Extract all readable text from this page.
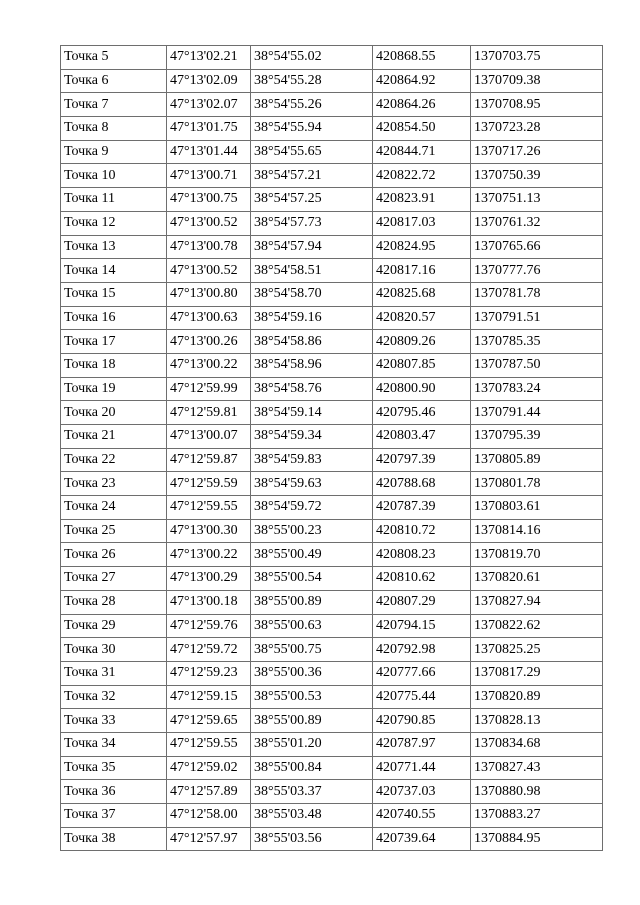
Точка 5	47°13'02.21	38°54'55.02	420868.55	1370703.75
Точка 6	47°13'02.09	38°54'55.28	420864.92	1370709.38
Точка 7	47°13'02.07	38°54'55.26	420864.26	1370708.95
Точка 8	47°13'01.75	38°54'55.94	420854.50	1370723.28
Точка 9	47°13'01.44	38°54'55.65	420844.71	1370717.26
Точка 10	47°13'00.71	38°54'57.21	420822.72	1370750.39
Точка 11	47°13'00.75	38°54'57.25	420823.91	1370751.13
Точка 12	47°13'00.52	38°54'57.73	420817.03	1370761.32
Точка 13	47°13'00.78	38°54'57.94	420824.95	1370765.66
Точка 14	47°13'00.52	38°54'58.51	420817.16	1370777.76
Точка 15	47°13'00.80	38°54'58.70	420825.68	1370781.78
Точка 16	47°13'00.63	38°54'59.16	420820.57	1370791.51
Точка 17	47°13'00.26	38°54'58.86	420809.26	1370785.35
Точка 18	47°13'00.22	38°54'58.96	420807.85	1370787.50
Точка 19	47°12'59.99	38°54'58.76	420800.90	1370783.24
Точка 20	47°12'59.81	38°54'59.14	420795.46	1370791.44
Точка 21	47°13'00.07	38°54'59.34	420803.47	1370795.39
Точка 22	47°12'59.87	38°54'59.83	420797.39	1370805.89
Точка 23	47°12'59.59	38°54'59.63	420788.68	1370801.78
Точка 24	47°12'59.55	38°54'59.72	420787.39	1370803.61
Точка 25	47°13'00.30	38°55'00.23	420810.72	1370814.16
Точка 26	47°13'00.22	38°55'00.49	420808.23	1370819.70
Точка 27	47°13'00.29	38°55'00.54	420810.62	1370820.61
Точка 28	47°13'00.18	38°55'00.89	420807.29	1370827.94
Точка 29	47°12'59.76	38°55'00.63	420794.15	1370822.62
Точка 30	47°12'59.72	38°55'00.75	420792.98	1370825.25
Точка 31	47°12'59.23	38°55'00.36	420777.66	1370817.29
Точка 32	47°12'59.15	38°55'00.53	420775.44	1370820.89
Точка 33	47°12'59.65	38°55'00.89	420790.85	1370828.13
Точка 34	47°12'59.55	38°55'01.20	420787.97	1370834.68
Точка 35	47°12'59.02	38°55'00.84	420771.44	1370827.43
Точка 36	47°12'57.89	38°55'03.37	420737.03	1370880.98
Точка 37	47°12'58.00	38°55'03.48	420740.55	1370883.27
Точка 38	47°12'57.97	38°55'03.56	420739.64	1370884.95
